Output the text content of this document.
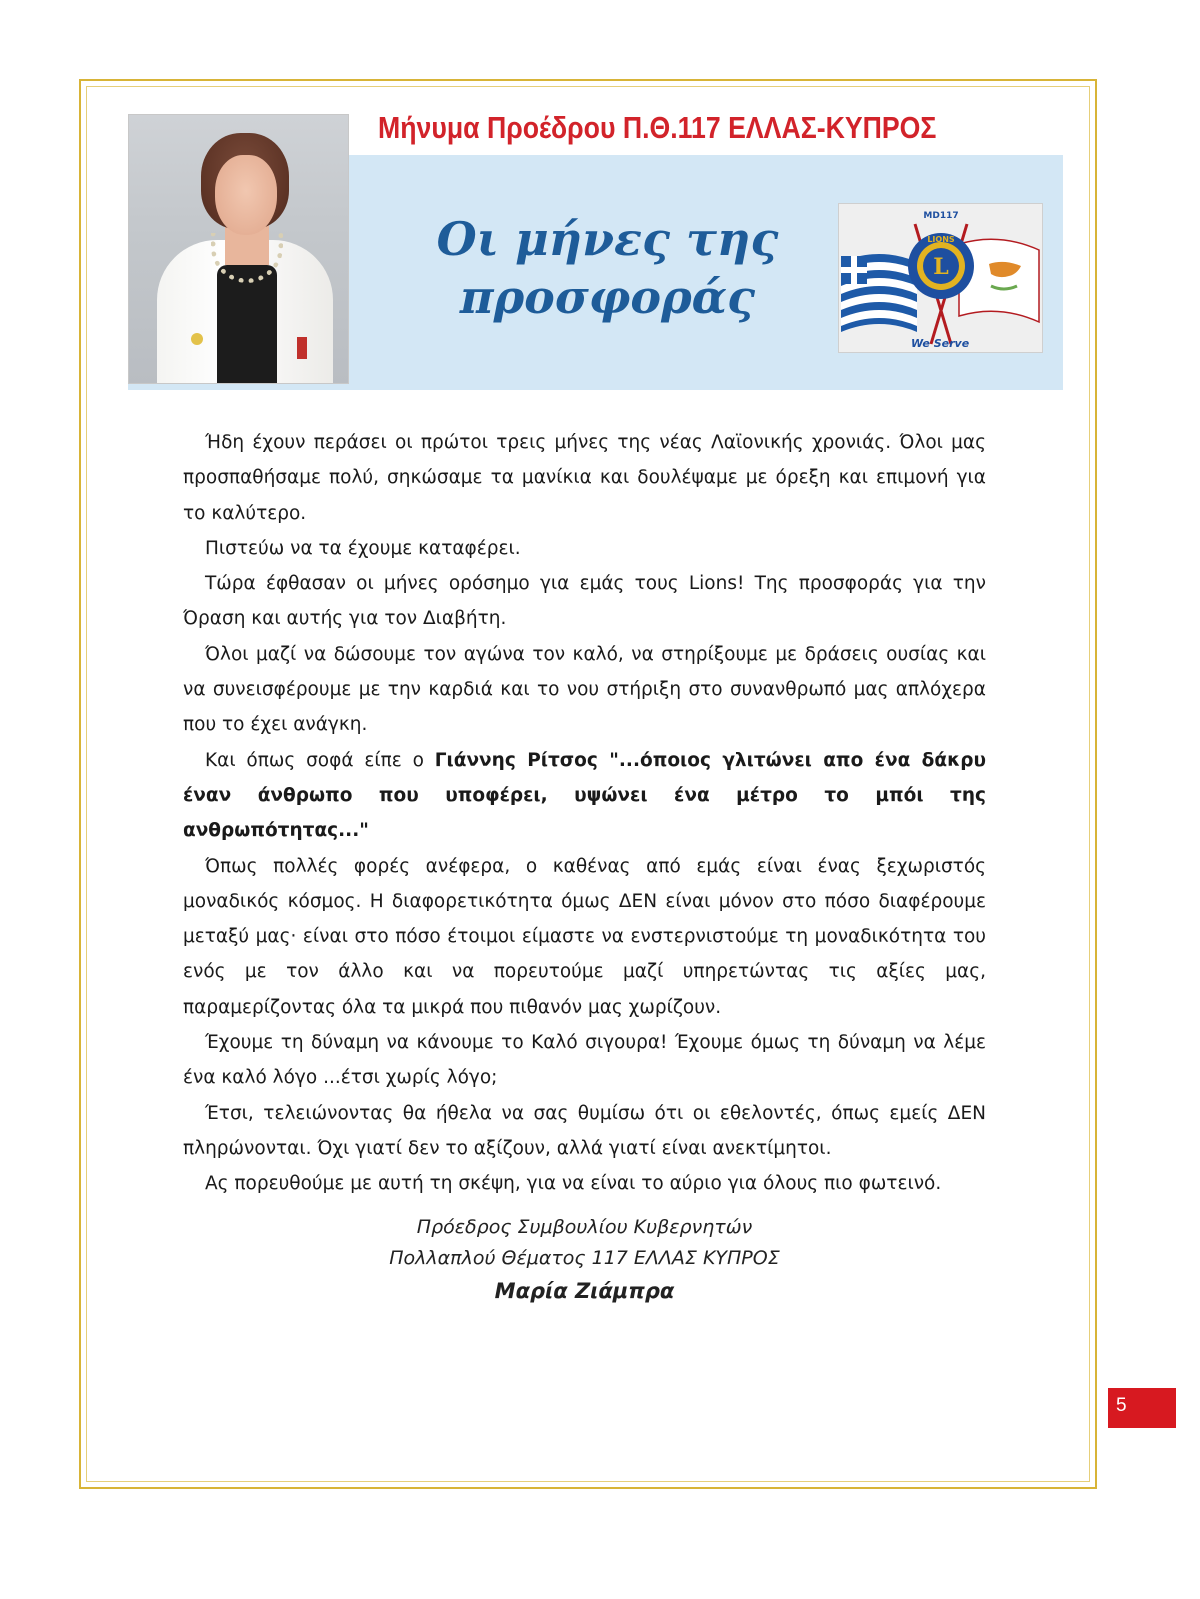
Μήνυμα Προέδρου Π.Θ.117 ΕΛΛΑΣ-ΚΥΠΡΟΣ
Οι μήνες της
προσφοράς
L
LIONS
MD117
We Serve

Ήδη έχουν περάσει οι πρώτοι τρεις μήνες της νέας Λαϊονικής χρονιάς. Όλοι μας προσπαθήσαμε πολύ, σηκώσαμε τα μανίκια και δουλέψαμε με όρεξη και επιμονή για το καλύτερο.

Πιστεύω να τα έχουμε καταφέρει.

Τώρα έφθασαν οι μήνες ορόσημο για εμάς τους Lions! Της προσφοράς για την Όραση και αυτής για τον Διαβήτη.

Όλοι μαζί να δώσουμε τον αγώνα τον καλό, να στηρίξουμε με δράσεις ουσίας και να συνεισφέρουμε με την καρδιά και το νου στήριξη στο συνανθρωπό μας απλόχερα που το έχει ανάγκη.

Και όπως σοφά είπε ο Γιάννης Ρίτσος "...όποιος γλιτώνει απο ένα δάκρυ έναν άνθρωπο που υποφέρει, υψώνει ένα μέτρο το μπόι της ανθρωπότητας..."

Όπως πολλές φορές ανέφερα, ο καθένας από εμάς είναι ένας ξεχωριστός μοναδικός κόσμος. Η διαφορετικότητα όμως ΔΕΝ είναι μόνον στο πόσο διαφέρουμε μεταξύ μας· είναι στο πόσο έτοιμοι είμαστε να ενστερνιστούμε τη μοναδικότητα του ενός με τον άλλο και να πορευτούμε μαζί υπηρετώντας τις αξίες μας, παραμερίζοντας όλα τα μικρά που πιθανόν μας χωρίζουν.

Έχουμε τη δύναμη να κάνουμε το Καλό σιγουρα! Έχουμε όμως τη δύναμη να λέμε ένα καλό λόγο ...έτσι χωρίς λόγο;

Έτσι, τελειώνοντας θα ήθελα να σας θυμίσω ότι οι εθελοντές, όπως εμείς ΔΕΝ πληρώνονται. Όχι γιατί δεν το αξίζουν, αλλά γιατί είναι ανεκτίμητοι.

Ας πορευθούμε με αυτή τη σκέψη, για να είναι το αύριο για όλους πιο φωτεινό.

Πρόεδρος Συμβουλίου Κυβερνητών
Πολλαπλού Θέματος 117 ΕΛΛΑΣ ΚΥΠΡΟΣ
Μαρία Ζιάμπρα
5
